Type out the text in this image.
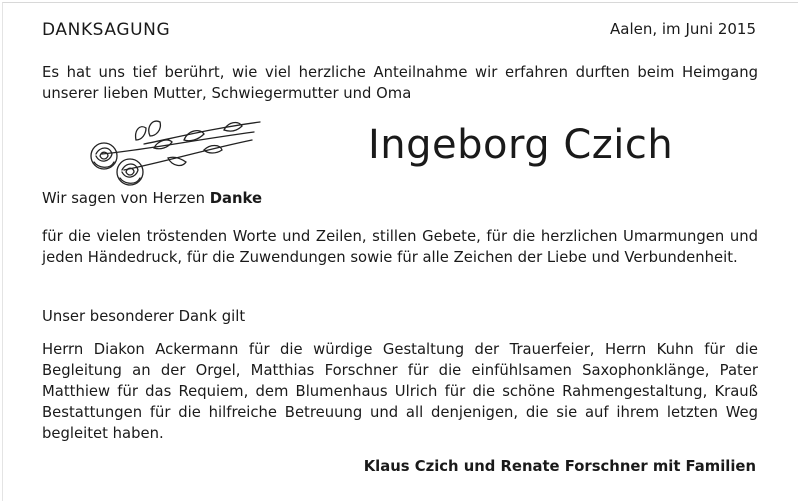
DANKSAGUNG	Aalen, im Juni 2015

Es hat uns tief berührt, wie viel herzliche Anteilnahme wir erfahren durften beim Heimgang unserer lieben Mutter, Schwiegermutter und Oma

Ingeborg Czich
Wir sagen von Herzen Danke

für die vielen tröstenden Worte und Zeilen, stillen Gebete, für die herzlichen Umarmungen und jeden Händedruck, für die Zuwendungen sowie für alle Zeichen der Liebe und Verbundenheit.

Unser besonderer Dank gilt

Herrn Diakon Ackermann für die würdige Gestaltung der Trauerfeier, Herrn Kuhn für die Begleitung an der Orgel, Matthias Forschner für die einfühlsamen Saxophonklänge, Pater Matthiew für das Requiem, dem Blumenhaus Ulrich für die schöne Rahmengestaltung, Krauß Bestattungen für die hilfreiche Betreuung und all denjenigen, die sie auf ihrem letzten Weg begleitet haben.

Klaus Czich und Renate Forschner mit Familien
